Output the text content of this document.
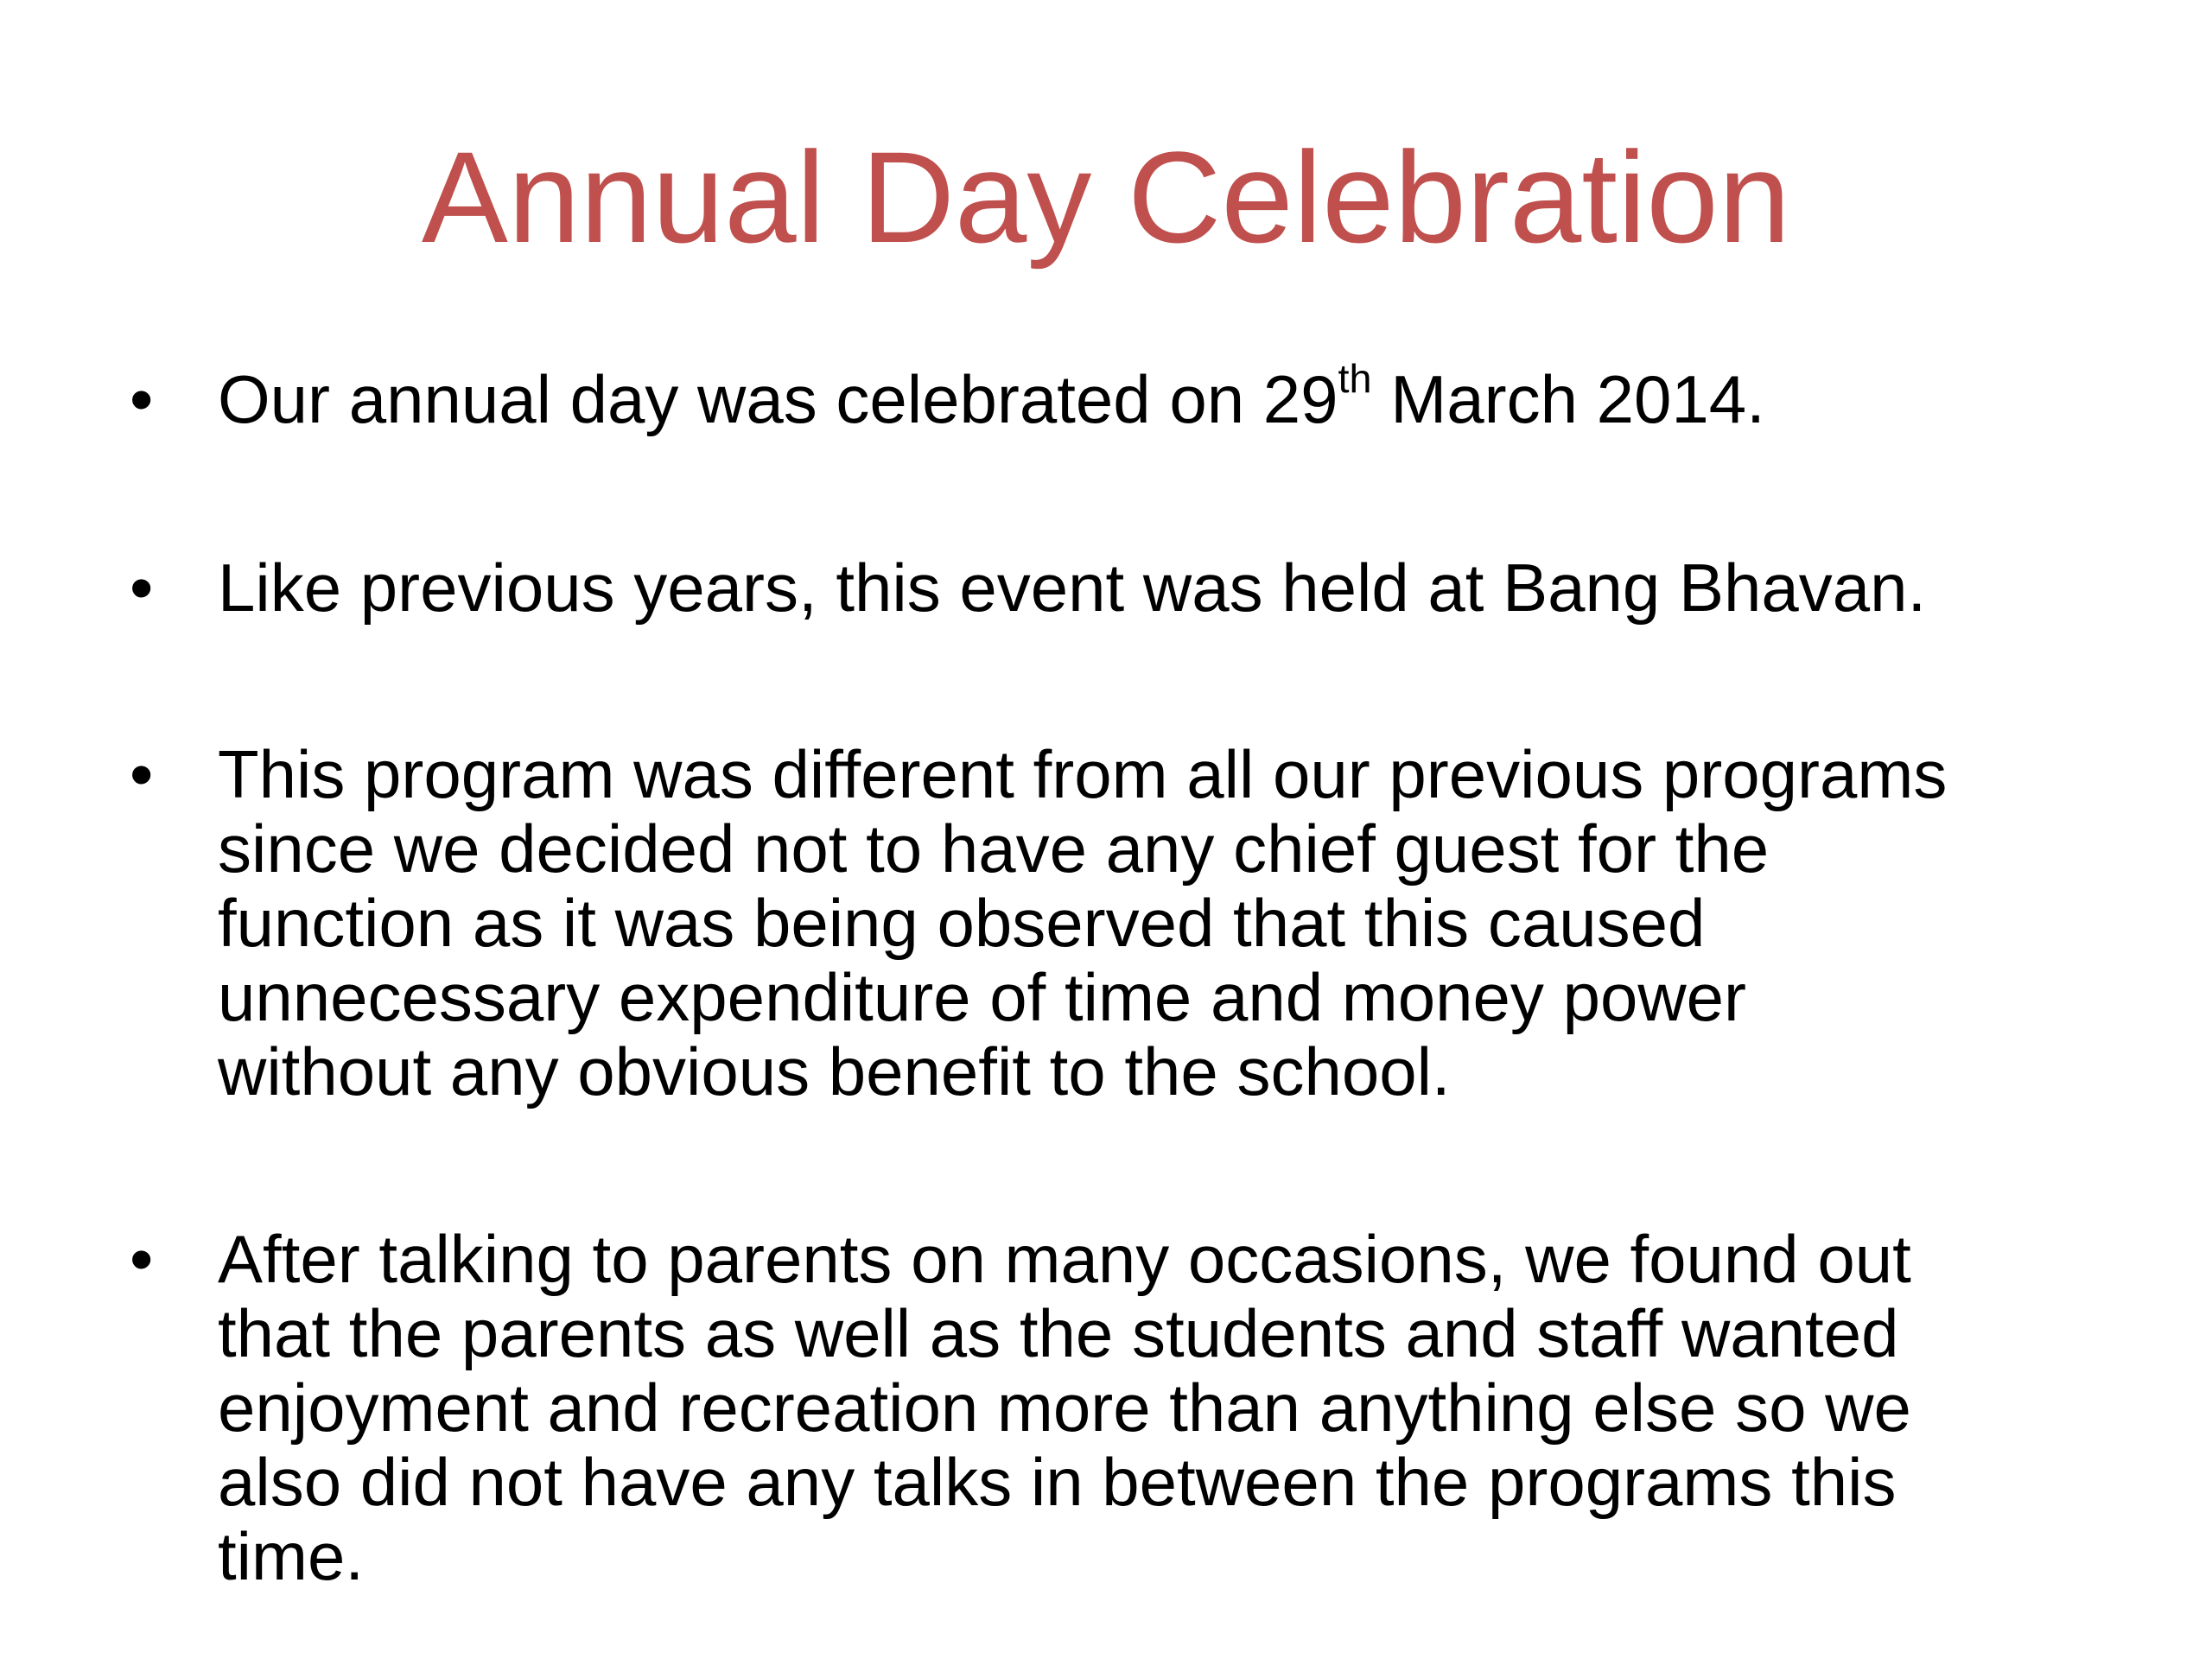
Annual Day Celebration
• Our annual day was celebrated on 29th March 2014.
• Like previous years, this event was held at Bang Bhavan.
• This program was different from all our previous programs
since we decided not to have any chief guest for the
function as it was being observed that this caused
unnecessary expenditure of time and money power
without any obvious benefit to the school.
• After talking to parents on many occasions, we found out
that the parents as well as the students and staff wanted
enjoyment and recreation more than anything else so we
also did not have any talks in between the programs this
time.
